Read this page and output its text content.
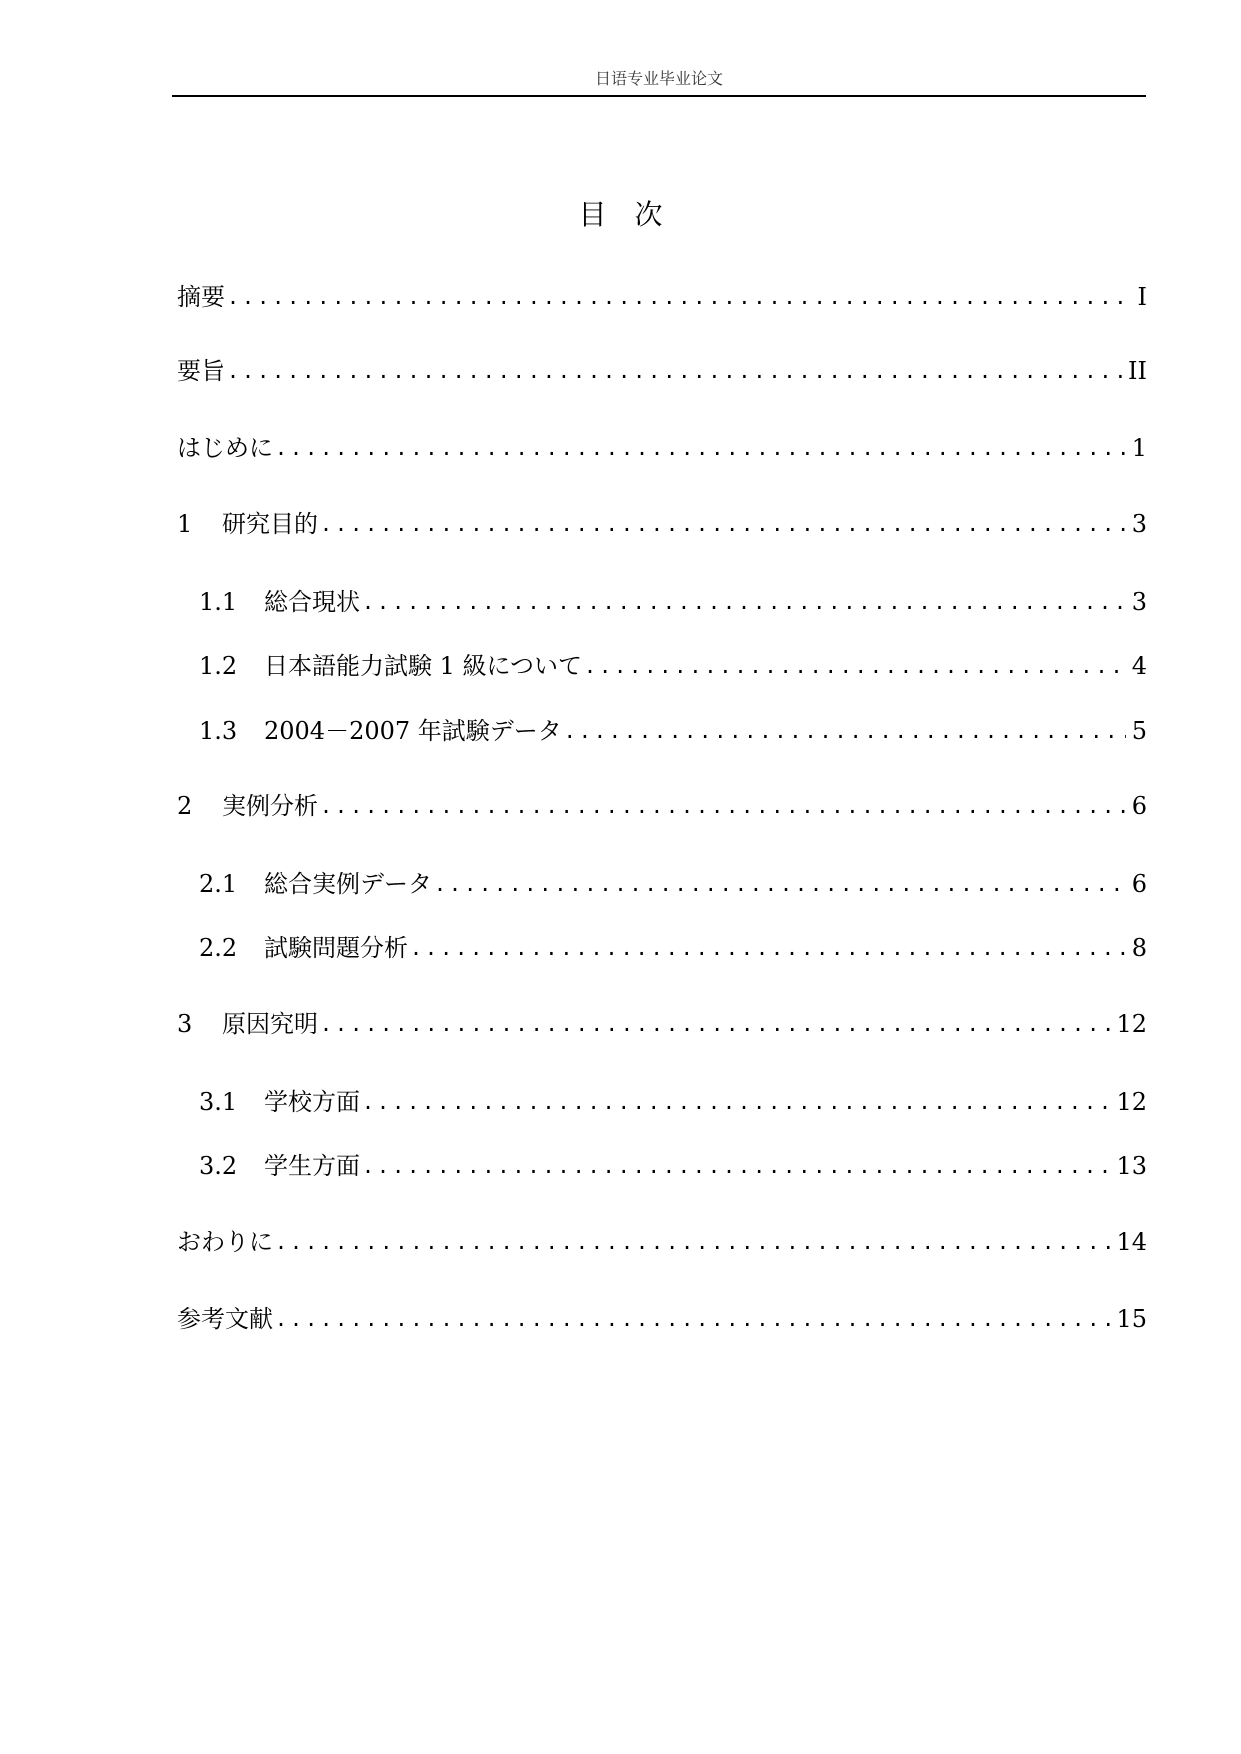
日语专业毕业论文
目次
摘要 .....	I
要旨 .....	II
はじめに .....	1
1	研究目的 .....	3
1.1	総合現状 .....	3
1.2	日本語能力試験 1 級について .....	4
1.3	2004－2007 年試験データ .....	5
2	実例分析 .....	6
2.1	総合実例データ .....	6
2.2	試験問題分析 .....	8
3	原因究明 .....	12
3.1	学校方面 .....	12
3.2	学生方面 .....	13
おわりに .....	14
参考文献 .....	15
